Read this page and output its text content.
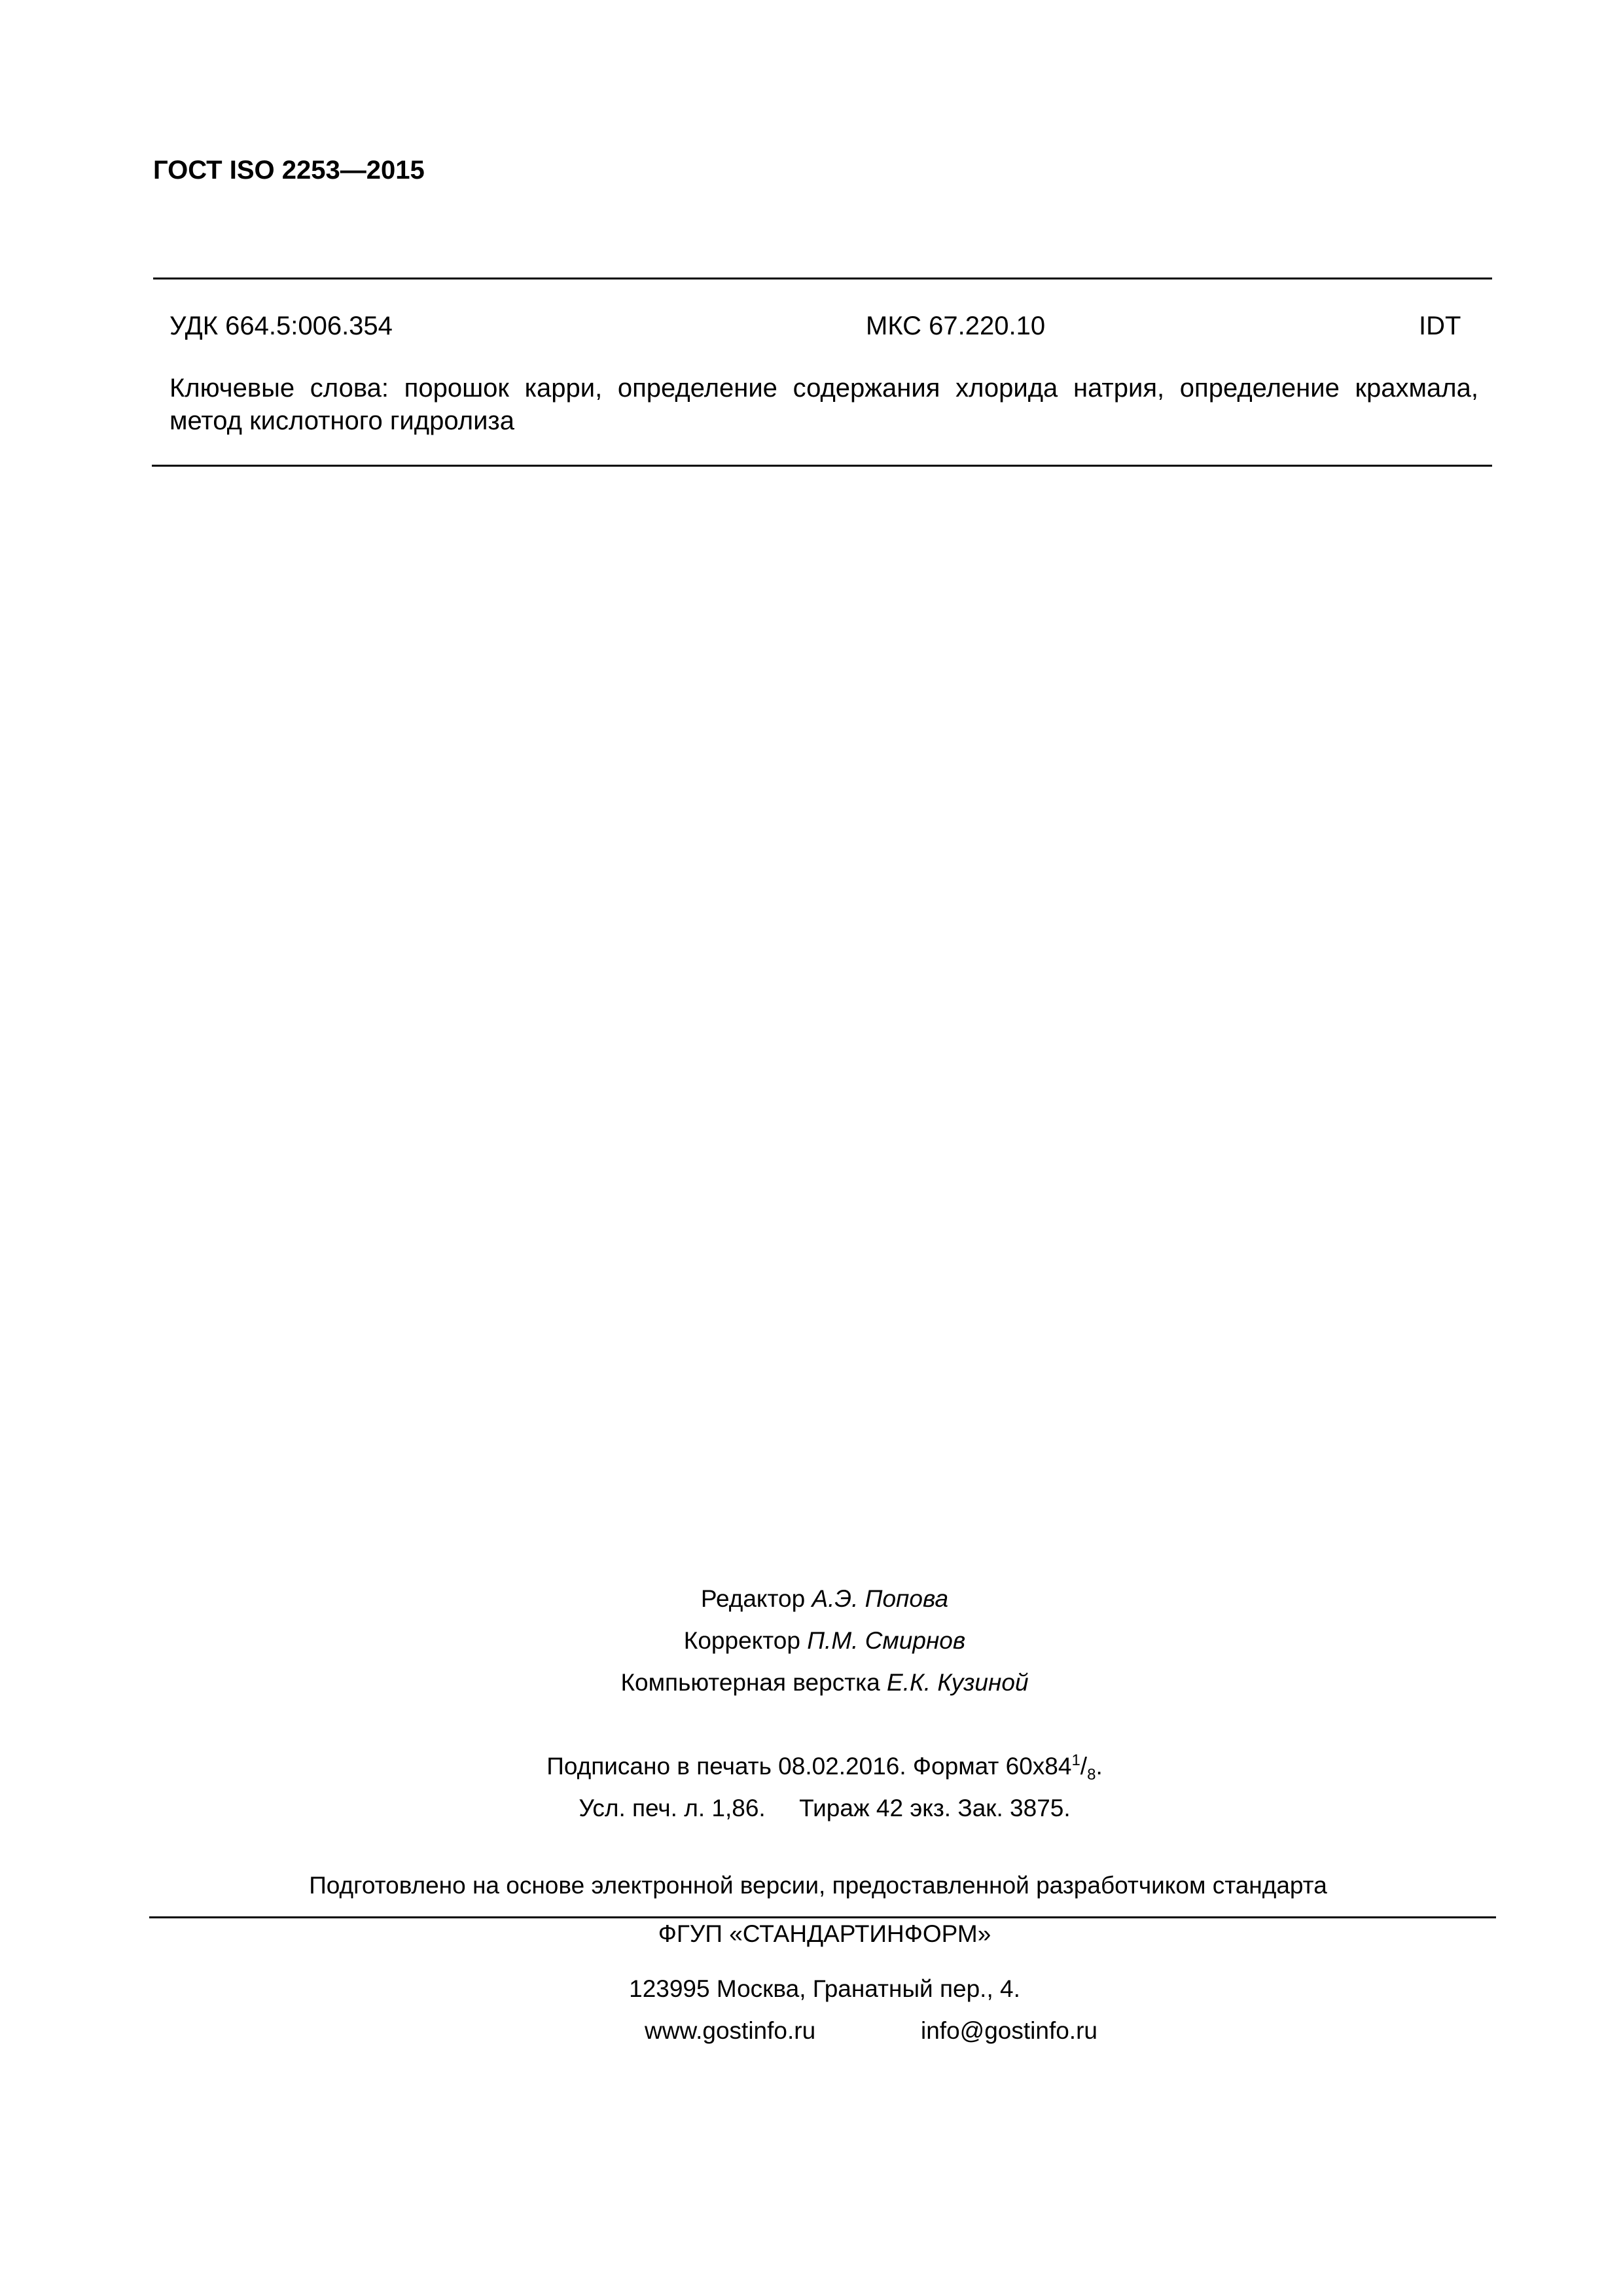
ГОСТ ISO 2253—2015
УДК 664.5:006.354	МКС 67.220.10	IDT
Ключевые слова: порошок карри, определение содержания хлорида натрия, определение крахмала, метод кислотного гидролиза
Редактор А.Э. Попова
Корректор П.М. Смирнов
Компьютерная верстка Е.К. Кузиной
Подписано в печать 08.02.2016. Формат $60x84^1/_8$.
Усл. печ. л. 1,86. Тираж 42 экз. Зак. 3875.
Подготовлено на основе электронной версии, предоставленной разработчиком стандарта
ФГУП «СТАНДАРТИНФОРМ»
123995 Москва, Гранатный пер., 4.
www.gostinfo.ru	info@gostinfo.ru
